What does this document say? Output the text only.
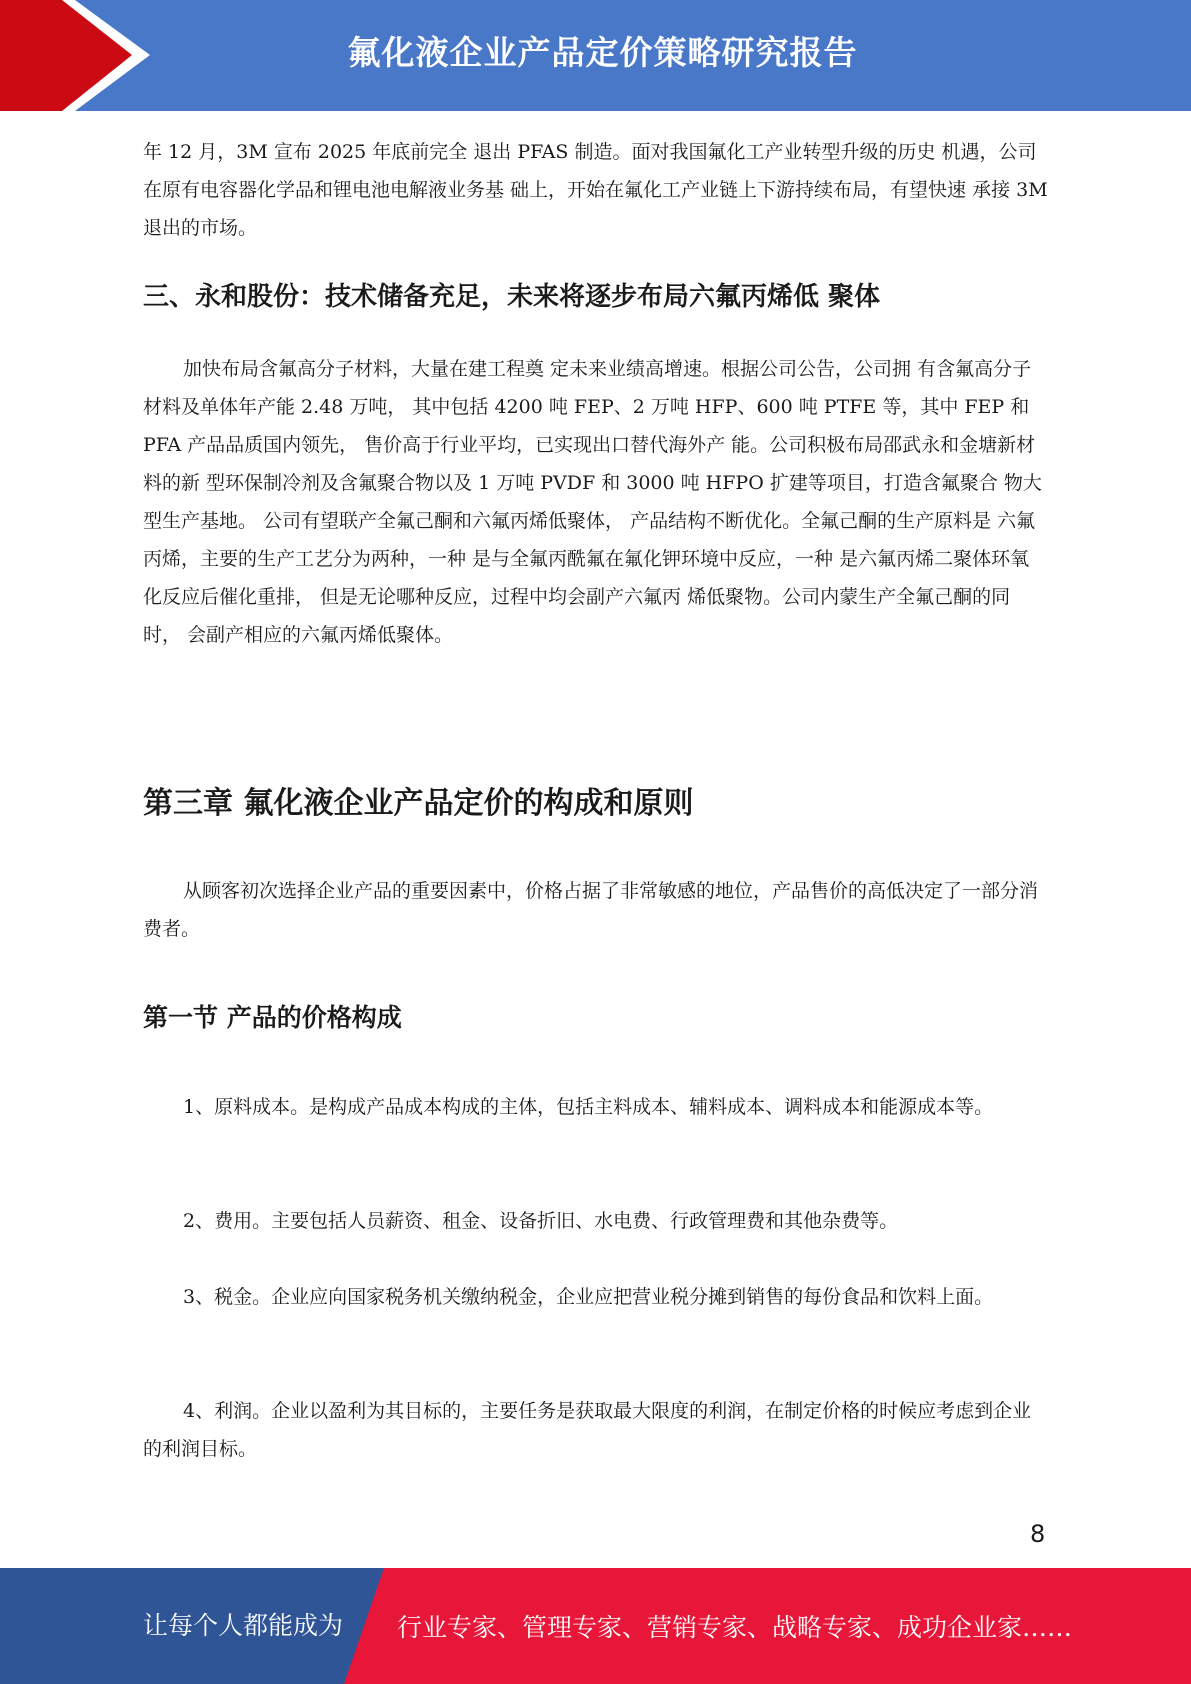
氟化液企业产品定价策略研究报告

年 12 月，3M 宣布 2025 年底前完全 退出 PFAS 制造。面对我国氟化工产业转型升级的历史 机遇，公司在原有电容器化学品和锂电池电解液业务基 础上，开始在氟化工产业链上下游持续布局，有望快速 承接 3M 退出的市场。

三、永和股份：技术储备充足，未来将逐步布局六氟丙烯低 聚体

加快布局含氟高分子材料，大量在建工程奠 定未来业绩高增速。根据公司公告，公司拥 有含氟高分子材料及单体年产能 2.48 万吨， 其中包括 4200 吨 FEP、2 万吨 HFP、600 吨 PTFE 等，其中 FEP 和 PFA 产品品质国内领先， 售价高于行业平均，已实现出口替代海外产 能。公司积极布局邵武永和金塘新材料的新 型环保制冷剂及含氟聚合物以及 1 万吨 PVDF 和 3000 吨 HFPO 扩建等项目，打造含氟聚合 物大型生产基地。 公司有望联产全氟己酮和六氟丙烯低聚体， 产品结构不断优化。全氟己酮的生产原料是 六氟丙烯，主要的生产工艺分为两种，一种 是与全氟丙酰氟在氟化钾环境中反应，一种 是六氟丙烯二聚体环氧化反应后催化重排， 但是无论哪种反应，过程中均会副产六氟丙 烯低聚物。公司内蒙生产全氟己酮的同时， 会副产相应的六氟丙烯低聚体。

第三章 氟化液企业产品定价的构成和原则

从顾客初次选择企业产品的重要因素中，价格占据了非常敏感的地位，产品售价的高低决定了一部分消费者。

第一节 产品的价格构成

1、原料成本。是构成产品成本构成的主体，包括主料成本、辅料成本、调料成本和能源成本等。

2、费用。主要包括人员薪资、租金、设备折旧、水电费、行政管理费和其他杂费等。

3、税金。企业应向国家税务机关缴纳税金，企业应把营业税分摊到销售的每份食品和饮料上面。

4、利润。企业以盈利为其目标的，主要任务是获取最大限度的利润，在制定价格的时候应考虑到企业的利润目标。

8
让每个人都能成为 行业专家、管理专家、营销专家、战略专家、成功企业家……
